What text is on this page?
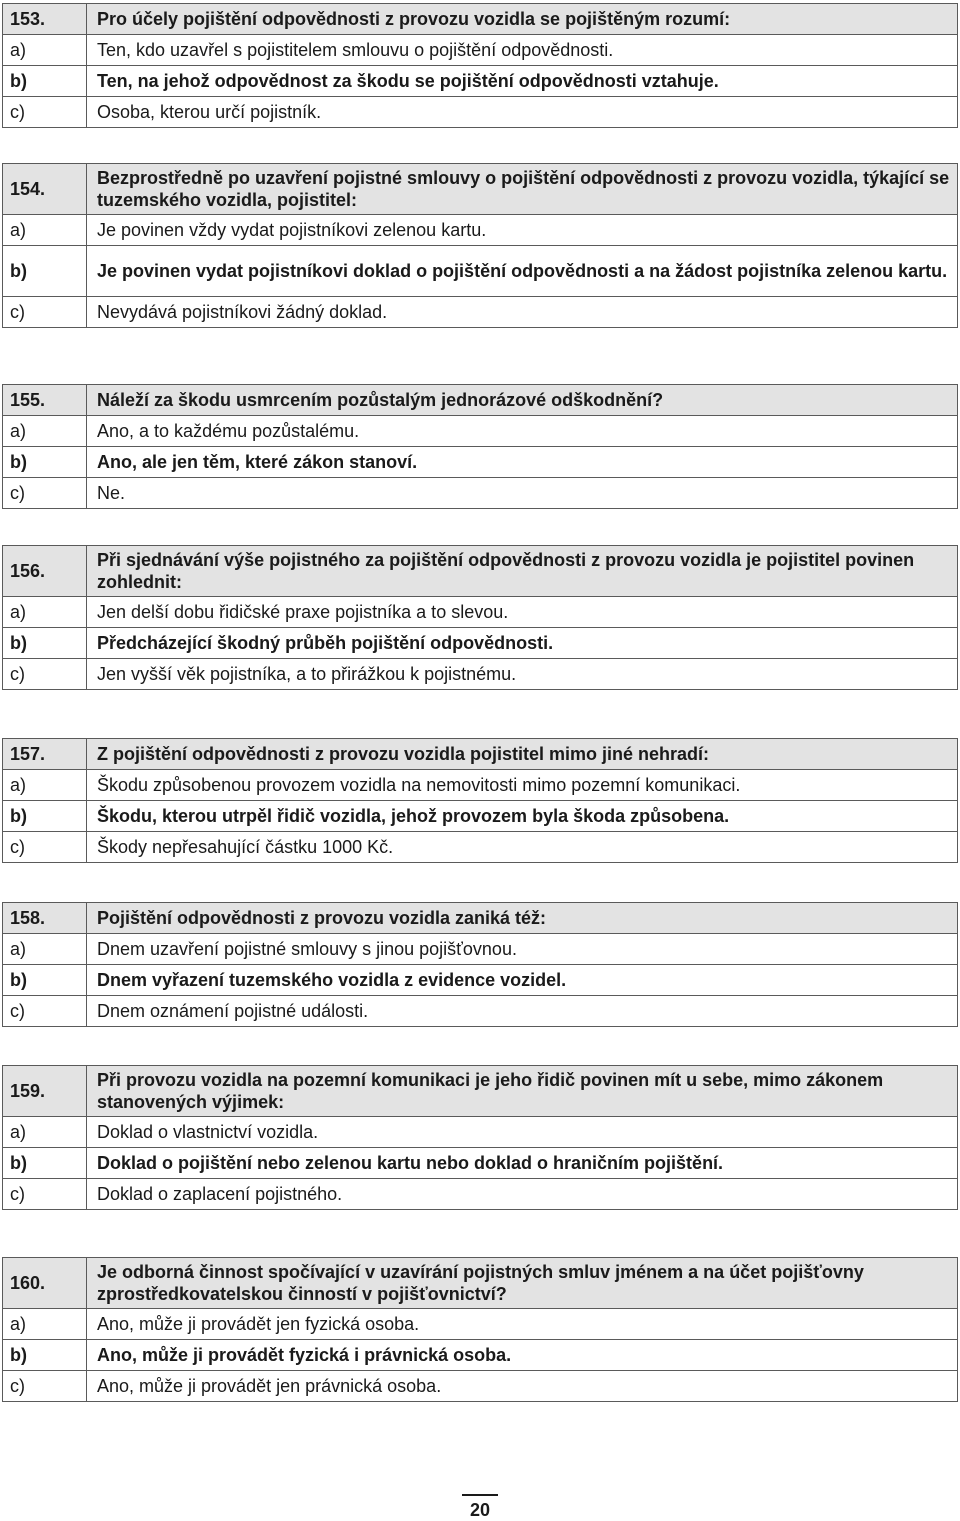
153.	Pro účely pojištění odpovědnosti z provozu vozidla se pojištěným rozumí:
a)	Ten, kdo uzavřel s pojistitelem smlouvu o pojištění odpovědnosti.
b)	Ten, na jehož odpovědnost za škodu se pojištění odpovědnosti vztahuje.
c)	Osoba, kterou určí pojistník.
154.	Bezprostředně po uzavření pojistné smlouvy o pojištění odpovědnosti z provozu vozidla, týkající se tuzemského vozidla, pojistitel:
a)	Je povinen vždy vydat pojistníkovi zelenou kartu.
b)	Je povinen vydat pojistníkovi doklad o pojištění odpovědnosti a na žádost pojistníka zelenou kartu.
c)	Nevydává pojistníkovi žádný doklad.
155.	Náleží za škodu usmrcením pozůstalým jednorázové odškodnění?
a)	Ano, a to každému pozůstalému.
b)	Ano, ale jen těm, které zákon stanoví.
c)	Ne.
156.	Při sjednávání výše pojistného za pojištění odpovědnosti z provozu vozidla je pojistitel povinen zohlednit:
a)	Jen delší dobu řidičské praxe pojistníka a to slevou.
b)	Předcházející škodný průběh pojištění odpovědnosti.
c)	Jen vyšší věk pojistníka, a to přirážkou k pojistnému.
157.	Z pojištění odpovědnosti z provozu vozidla pojistitel mimo jiné nehradí:
a)	Škodu způsobenou provozem vozidla na nemovitosti mimo pozemní komunikaci.
b)	Škodu, kterou utrpěl řidič vozidla, jehož provozem byla škoda způsobena.
c)	Škody nepřesahující částku 1000 Kč.
158.	Pojištění odpovědnosti z provozu vozidla zaniká též:
a)	Dnem uzavření pojistné smlouvy s jinou pojišťovnou.
b)	Dnem vyřazení tuzemského vozidla z evidence vozidel.
c)	Dnem oznámení pojistné události.
159.	Při provozu vozidla na pozemní komunikaci je jeho řidič povinen mít u sebe, mimo zákonem stanovených výjimek:
a)	Doklad o vlastnictví vozidla.
b)	Doklad o pojištění nebo zelenou kartu nebo doklad o hraničním pojištění.
c)	Doklad o zaplacení pojistného.
160.	Je odborná činnost spočívající v uzavírání pojistných smluv jménem a na účet pojišťovny zprostředkovatelskou činností v pojišťovnictví?
a)	Ano, může ji provádět jen fyzická osoba.
b)	Ano, může ji provádět fyzická i právnická osoba.
c)	Ano, může ji provádět jen právnická osoba.
20
